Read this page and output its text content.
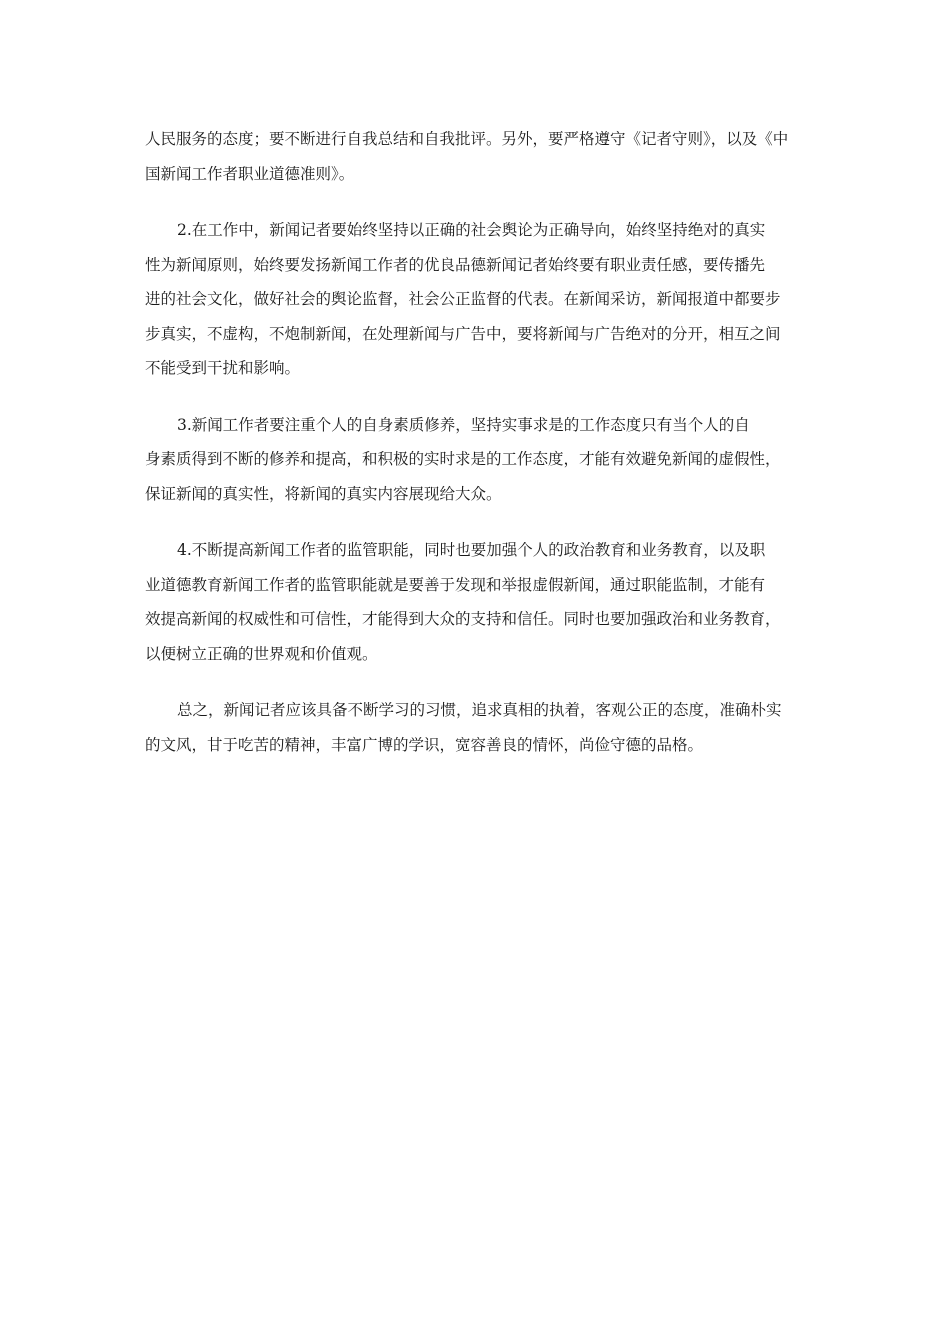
人民服务的态度；要不断进行自我总结和自我批评。另外，要严格遵守《记者守则》，以及《中
国新闻工作者职业道德准则》。
2.在工作中，新闻记者要始终坚持以正确的社会舆论为正确导向，始终坚持绝对的真实
性为新闻原则，始终要发扬新闻工作者的优良品德新闻记者始终要有职业责任感，要传播先
进的社会文化，做好社会的舆论监督，社会公正监督的代表。在新闻采访，新闻报道中都要步
步真实，不虚构，不炮制新闻，在处理新闻与广告中，要将新闻与广告绝对的分开，相互之间
不能受到干扰和影响。
3.新闻工作者要注重个人的自身素质修养，坚持实事求是的工作态度只有当个人的自
身素质得到不断的修养和提高，和积极的实时求是的工作态度，才能有效避免新闻的虚假性，
保证新闻的真实性，将新闻的真实内容展现给大众。
4.不断提高新闻工作者的监管职能，同时也要加强个人的政治教育和业务教育，以及职
业道德教育新闻工作者的监管职能就是要善于发现和举报虚假新闻，通过职能监制，才能有
效提高新闻的权威性和可信性，才能得到大众的支持和信任。同时也要加强政治和业务教育，
以便树立正确的世界观和价值观。
总之，新闻记者应该具备不断学习的习惯，追求真相的执着，客观公正的态度，准确朴实
的文风，甘于吃苦的精神，丰富广博的学识，宽容善良的情怀，尚俭守德的品格。
